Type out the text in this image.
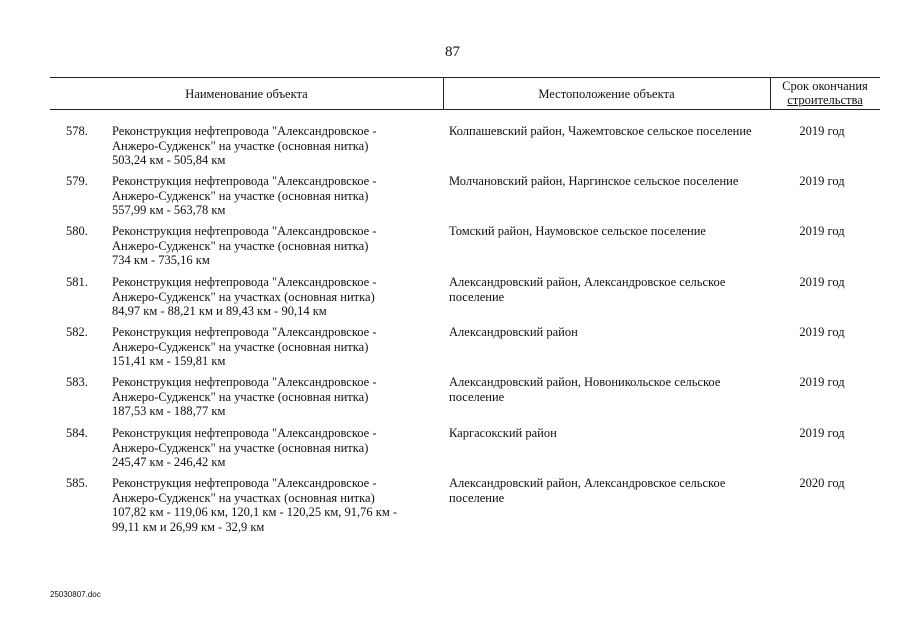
87
Наименование объекта	Местоположение объекта
Срок окончания
строительства
578.	Реконструкция нефтепровода "Александровское -
Анжеро-Судженск" на участке (основная нитка)
503,24 км - 505,84 км
Колпашевский район, Чажемтовское сельское поселение	2019 год
579.	Реконструкция нефтепровода "Александровское -
Анжеро-Судженск" на участке (основная нитка)
557,99 км - 563,78 км
Молчановский район, Наргинское сельское поселение	2019 год
580.	Реконструкция нефтепровода "Александровское -
Анжеро-Судженск" на участке (основная нитка)
734 км - 735,16 км
Томский район, Наумовское сельское поселение	2019 год
581.	Реконструкция нефтепровода "Александровское -
Анжеро-Судженск" на участках (основная нитка)
84,97 км - 88,21 км и 89,43 км - 90,14 км
Александровский район, Александровское сельское
поселение
2019 год
582.	Реконструкция нефтепровода "Александровское -
Анжеро-Судженск" на участке (основная нитка)
151,41 км - 159,81 км
Александровский район	2019 год
583.	Реконструкция нефтепровода "Александровское -
Анжеро-Судженск" на участке (основная нитка)
187,53 км - 188,77 км
Александровский район, Новоникольское сельское
поселение
2019 год
584.	Реконструкция нефтепровода "Александровское -
Анжеро-Судженск" на участке (основная нитка)
245,47 км - 246,42 км
Каргасокский район	2019 год
585.	Реконструкция нефтепровода "Александровское -
Анжеро-Судженск" на участках (основная нитка)
107,82 км - 119,06 км, 120,1 км - 120,25 км, 91,76 км -
99,11 км и 26,99 км - 32,9 км
Александровский район, Александровское сельское
поселение
2020 год
25030807.doc
